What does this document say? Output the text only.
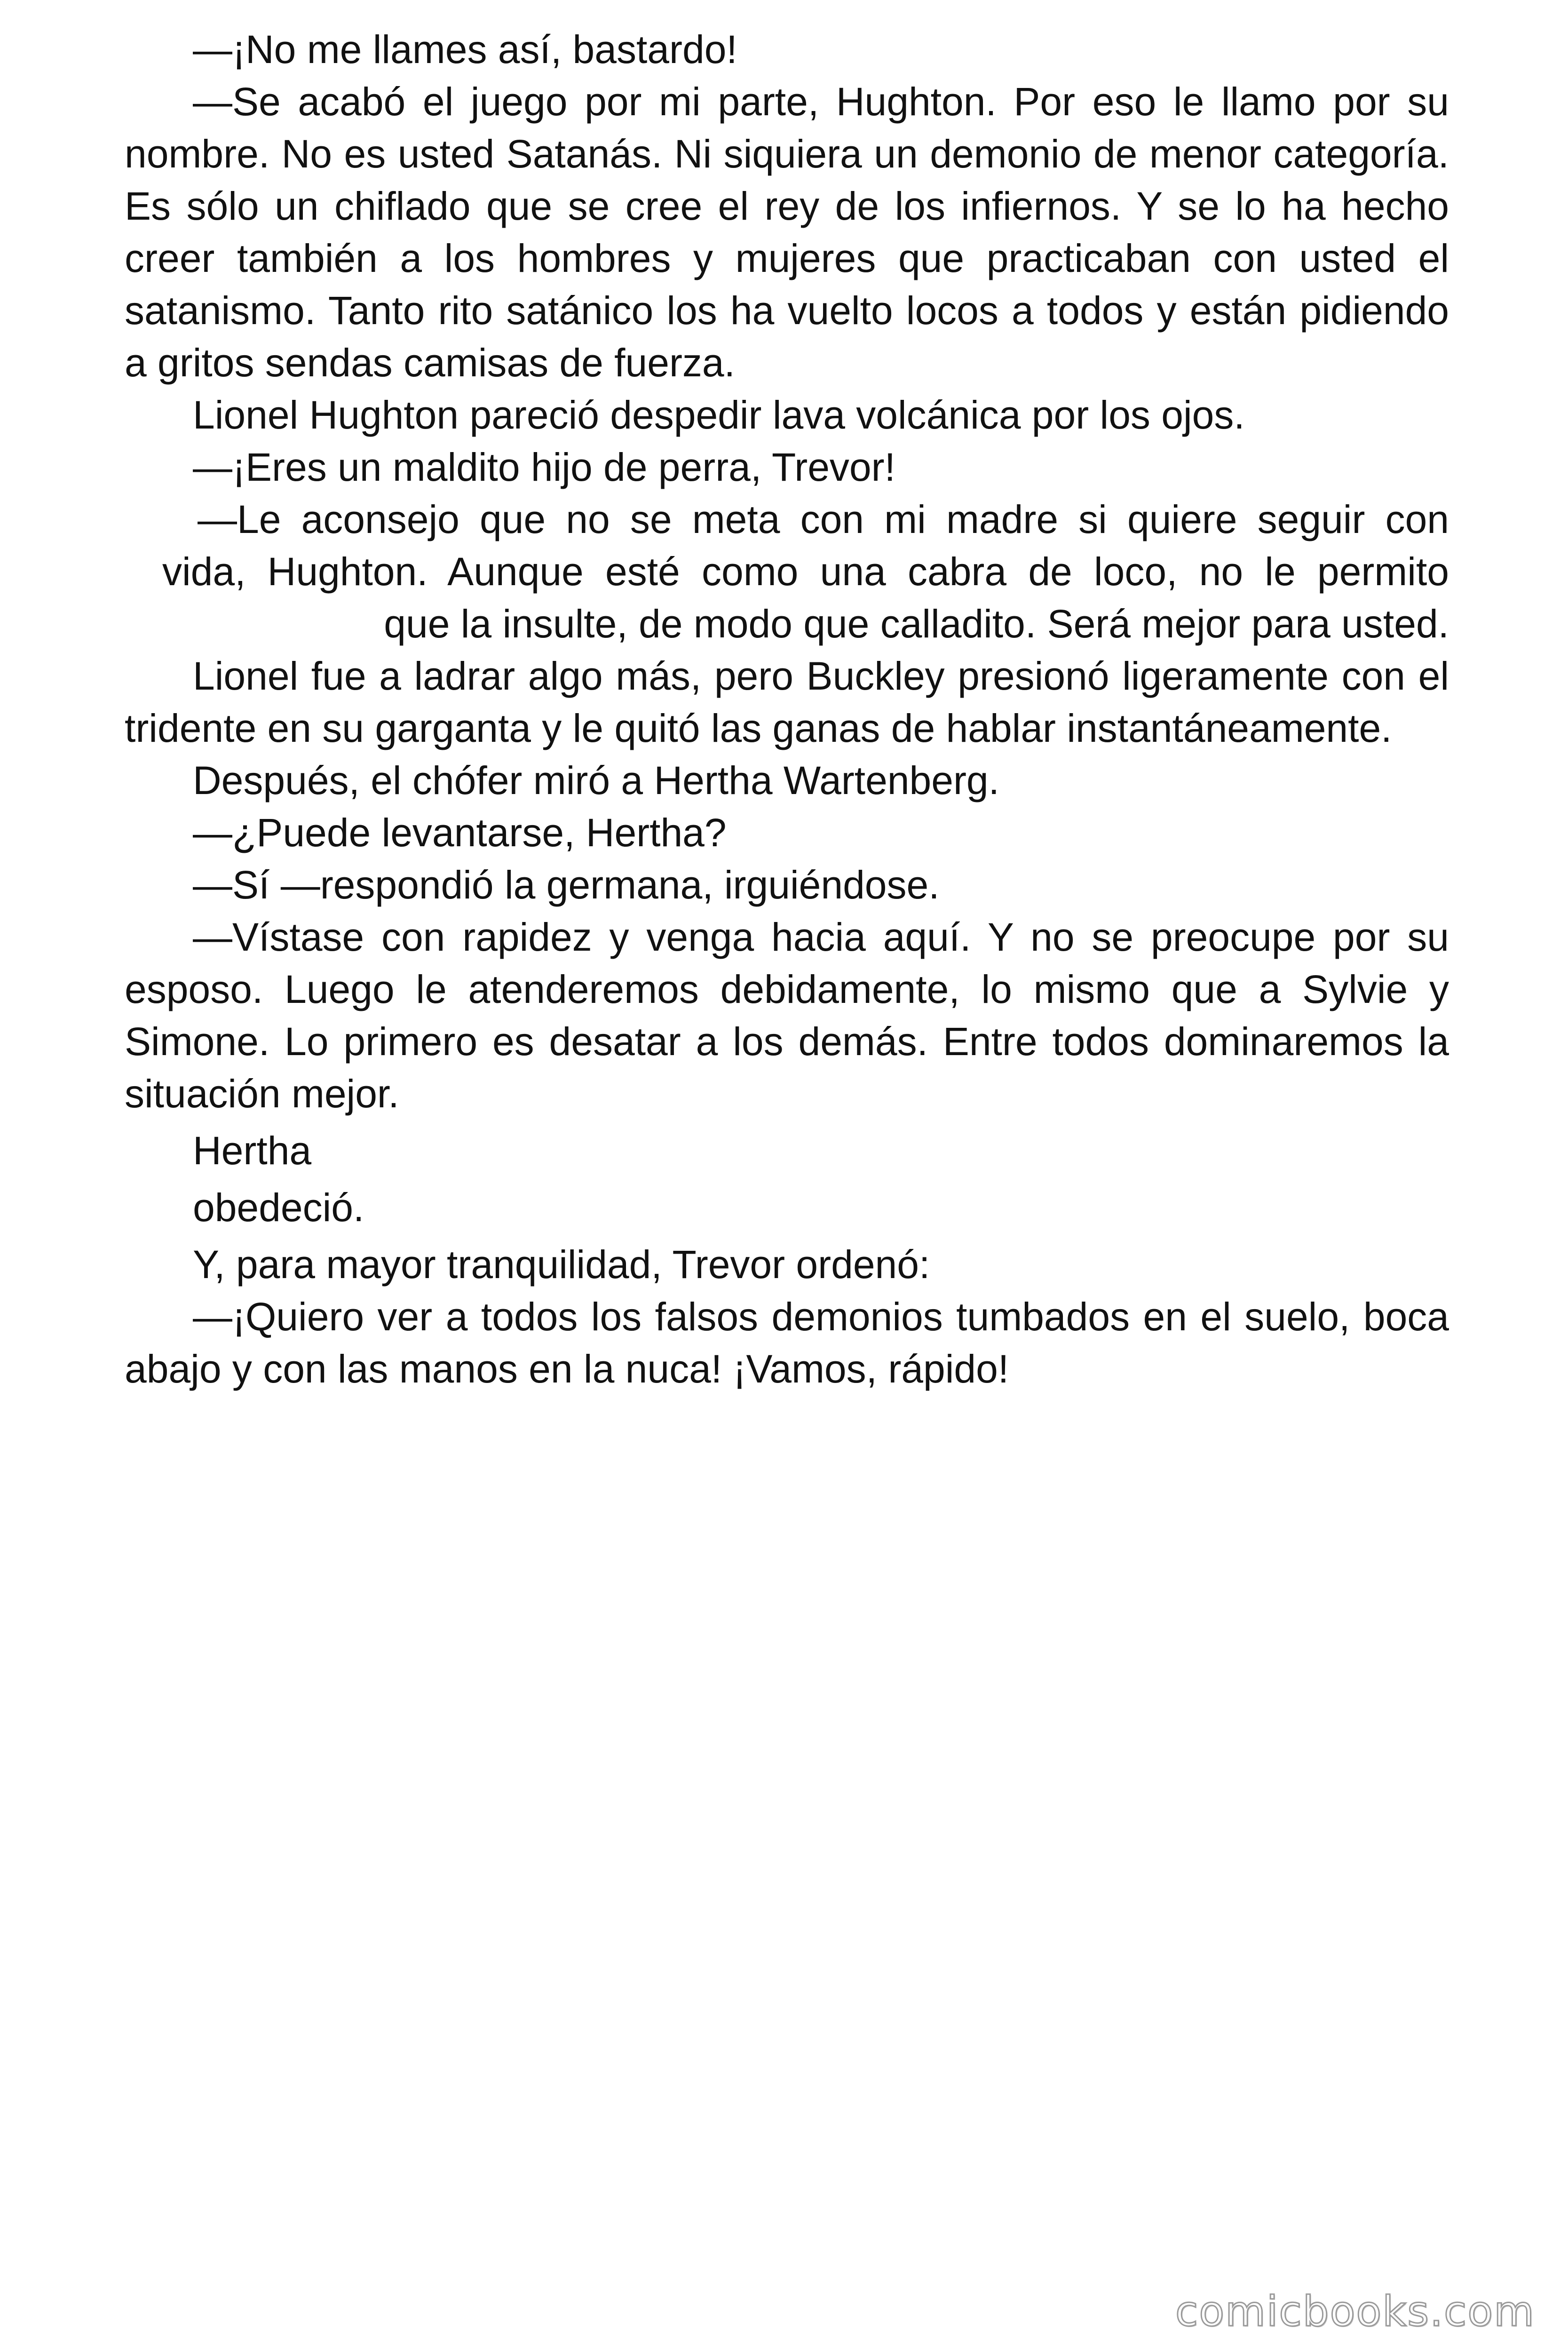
—¡No me llames así, bastardo!

—Se acabó el juego por mi parte, Hughton. Por eso le llamo por su nombre. No es usted Satanás. Ni siquiera un demonio de menor categoría. Es sólo un chiflado que se cree el rey de los infiernos. Y se lo ha hecho creer también a los hombres y mujeres que practicaban con usted el satanismo. Tanto rito satánico los ha vuelto locos a todos y están pidiendo a gritos sendas camisas de fuerza.

Lionel Hughton pareció despedir lava volcánica por los ojos.

—¡Eres un maldito hijo de perra, Trevor!

—Le aconsejo que no se meta con mi madre si quiere seguir con
vida, Hughton. Aunque esté como una cabra de loco, no le permito
que la insulte, de modo que calladito. Será mejor para usted.

Lionel fue a ladrar algo más, pero Buckley presionó ligeramente con el tridente en su garganta y le quitó las ganas de hablar instantáneamente.

Después, el chófer miró a Hertha Wartenberg.

—¿Puede levantarse, Hertha?

—Sí —respondió la germana, irguiéndose.

—Vístase con rapidez y venga hacia aquí. Y no se preocupe por su esposo. Luego le atenderemos debidamente, lo mismo que a Sylvie y Simone. Lo primero es desatar a los demás. Entre todos dominaremos la situación mejor.

Hertha

obedeció.

Y, para mayor tranquilidad, Trevor ordenó:

—¡Quiero ver a todos los falsos demonios tumbados en el suelo, boca abajo y con las manos en la nuca! ¡Vamos, rápido!

comicbooks.com
